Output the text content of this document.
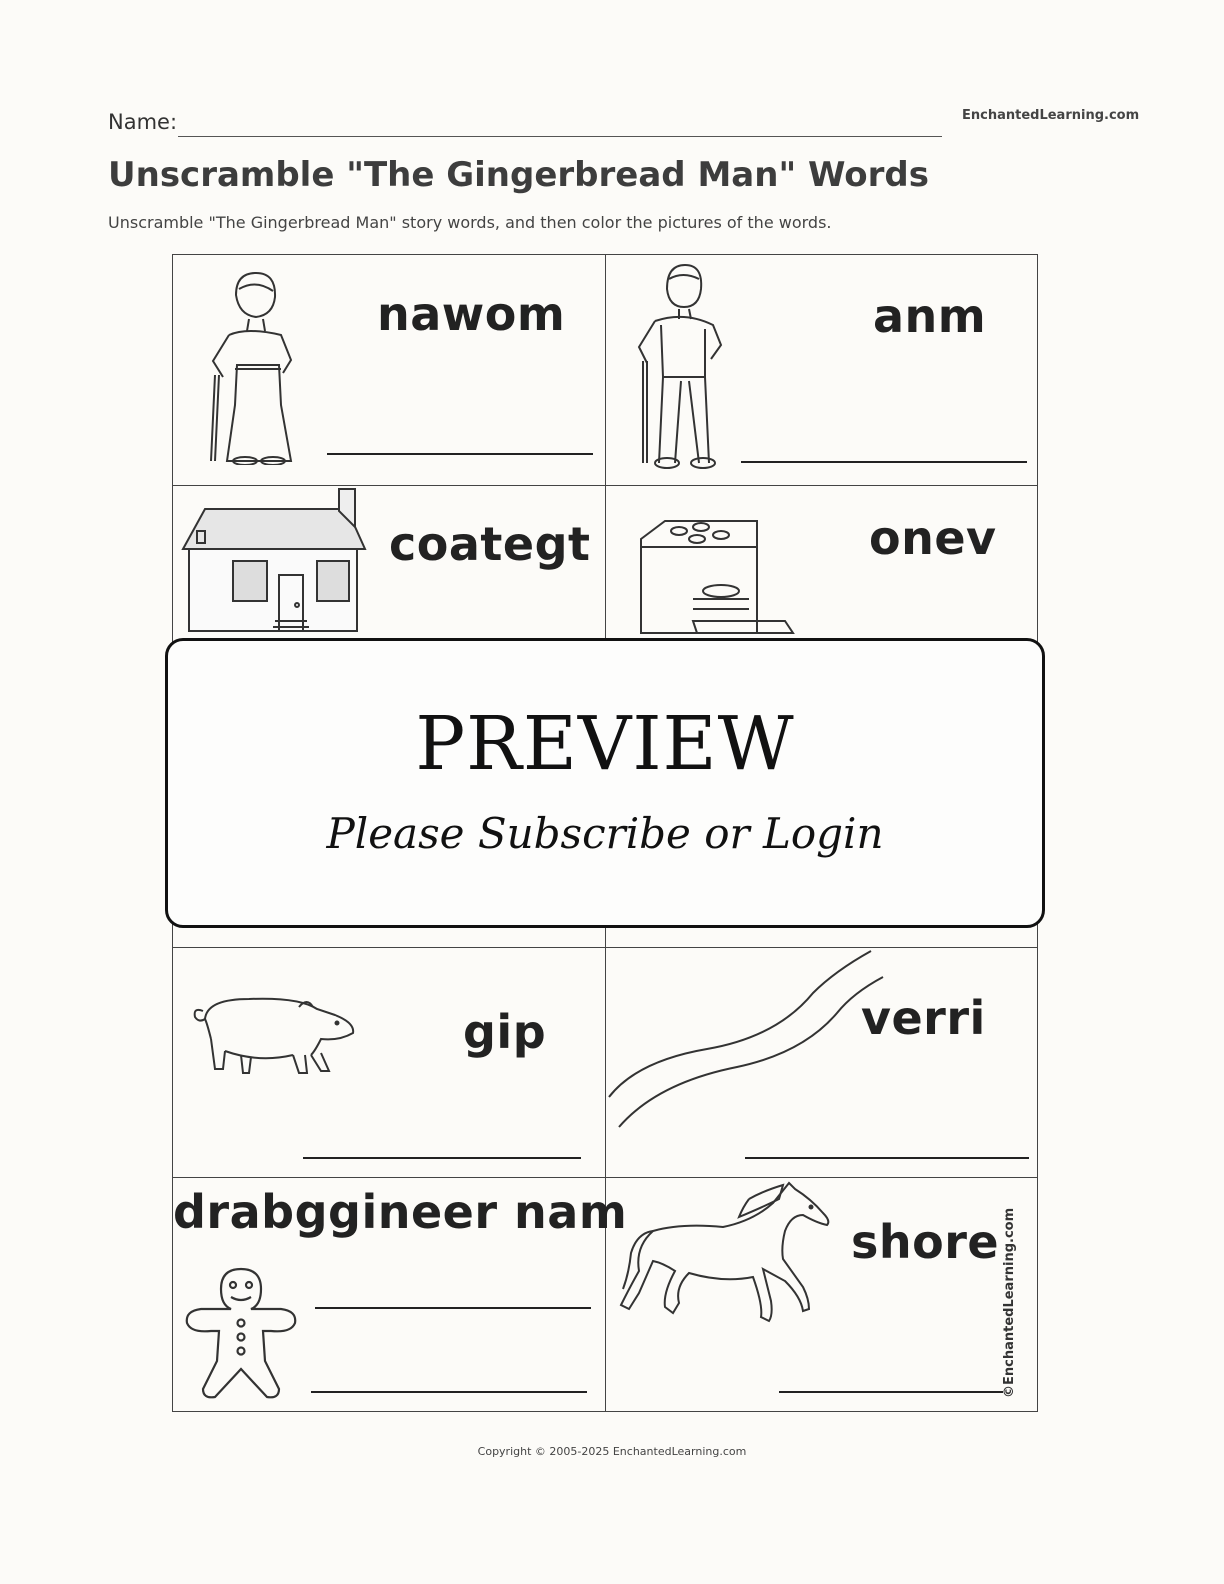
Name:	EnchantedLearning.com
Unscramble "The Gingerbread Man" Words
Unscramble "The Gingerbread Man" story words, and then color the pictures of the words.
nawom	anm
coategt	onev
gip	verri
drabggineer nam
shore ©EnchantedLearning.com
PREVIEW
Please Subscribe or Login
Copyright © 2005-2025 EnchantedLearning.com
